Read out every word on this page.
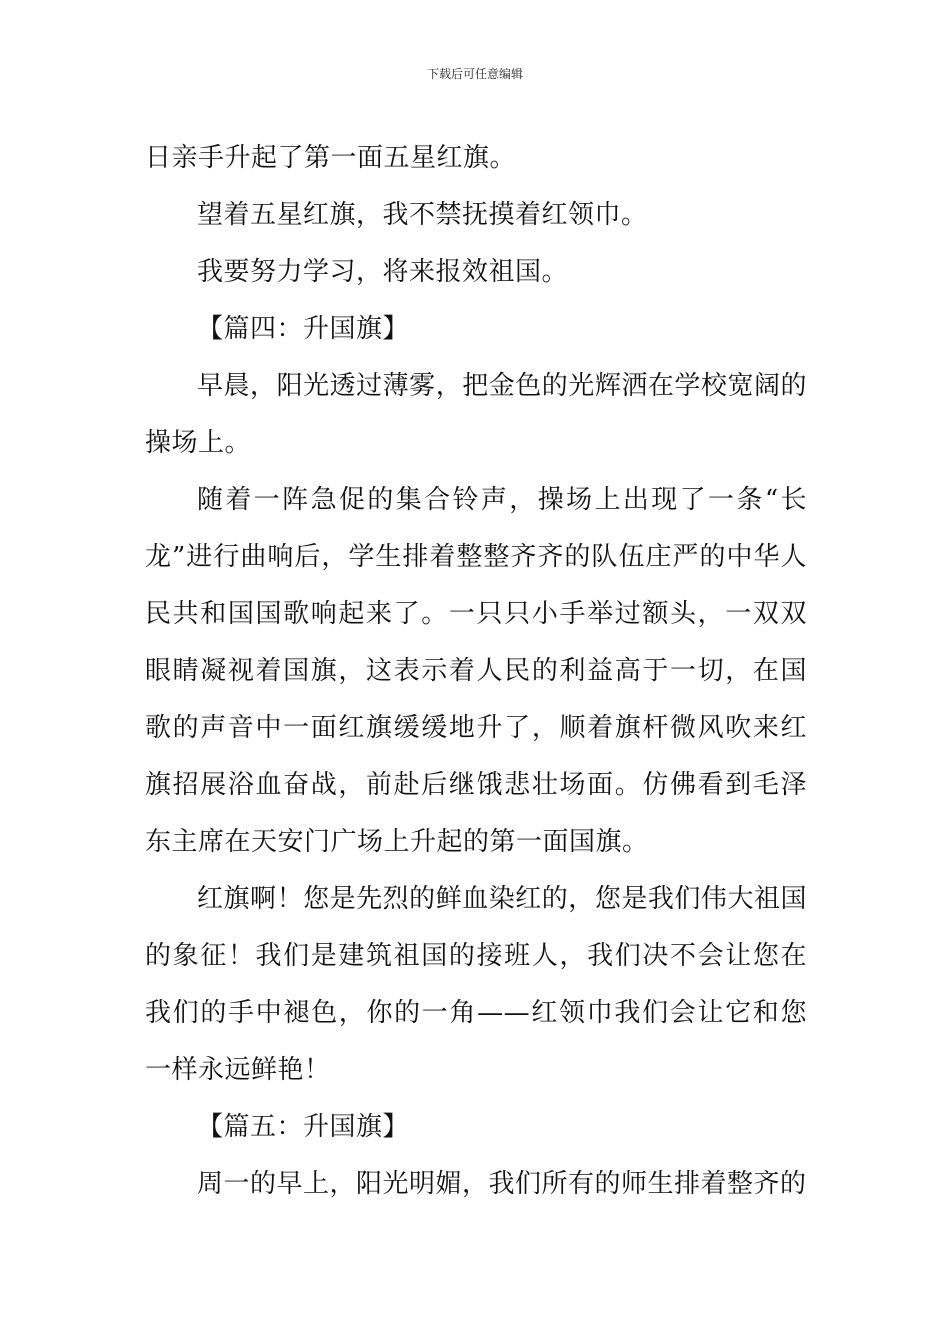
下载后可任意编辑

日亲手升起了第一面五星红旗。

望着五星红旗，我不禁抚摸着红领巾。

我要努力学习，将来报效祖国。

【篇四：升国旗】

早晨，阳光透过薄雾，把金色的光辉洒在学校宽阔的操场上。

随着一阵急促的集合铃声，操场上出现了一条“长龙”进行曲响后，学生排着整整齐齐的队伍庄严的中华人民共和国国歌响起来了。一只只小手举过额头，一双双眼睛凝视着国旗，这表示着人民的利益高于一切，在国歌的声音中一面红旗缓缓地升了，顺着旗杆微风吹来红旗招展浴血奋战，前赴后继饿悲壮场面。仿佛看到毛泽东主席在天安门广场上升起的第一面国旗。

红旗啊！您是先烈的鲜血染红的，您是我们伟大祖国的象征！我们是建筑祖国的接班人，我们决不会让您在我们的手中褪色，你的一角——红领巾我们会让它和您一样永远鲜艳！

【篇五：升国旗】

周一的早上，阳光明媚，我们所有的师生排着整齐的
